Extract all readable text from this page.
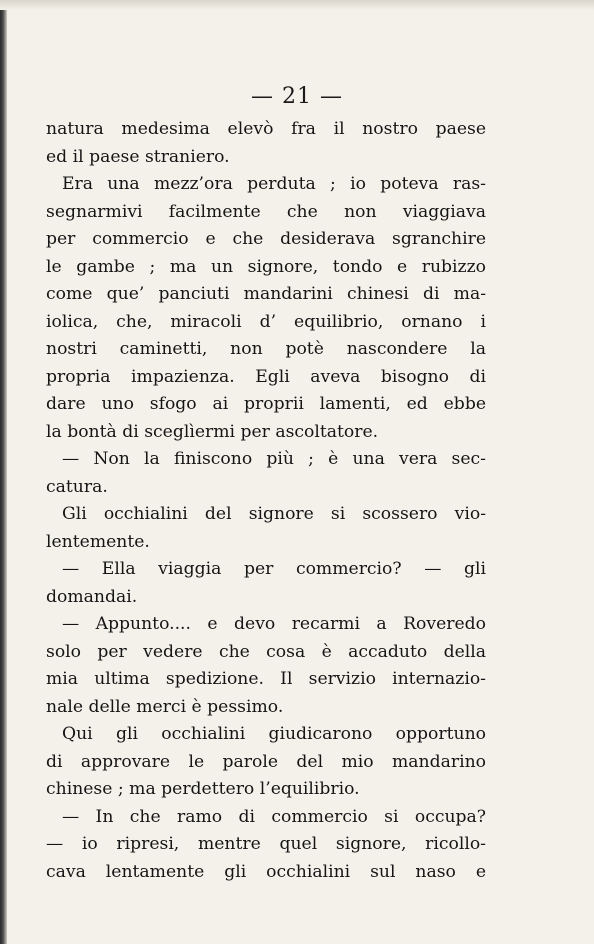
— 21 —
natura medesima elevò fra il nostro paese
ed il paese straniero.
Era una mezz’ora perduta ; io poteva ras-
segnarmivi facilmente che non viaggiava
per commercio e che desiderava sgranchire
le gambe ; ma un signore, tondo e rubizzo
come que’ panciuti mandarini chinesi di ma-
iolica, che, miracoli d’ equilibrio, ornano i
nostri caminetti, non potè nascondere la
propria impazienza. Egli aveva bisogno di
dare uno sfogo ai proprii lamenti, ed ebbe
la bontà di sceglìermi per ascoltatore.
— Non la finiscono più ; è una vera sec-
catura.
Gli occhialini del signore si scossero vio-
lentemente.
— Ella viaggia per commercio? — gli
domandai.
— Appunto.... e devo recarmi a Roveredo
solo per vedere che cosa è accaduto della
mia ultima spedizione. Il servizio internazio-
nale delle merci è pessimo.
Qui gli occhialini giudicarono opportuno
di approvare le parole del mio mandarino
chinese ; ma perdettero l’equilibrio.
— In che ramo di commercio si occupa?
— io ripresi, mentre quel signore, ricollo-
cava lentamente gli occhialini sul naso e
